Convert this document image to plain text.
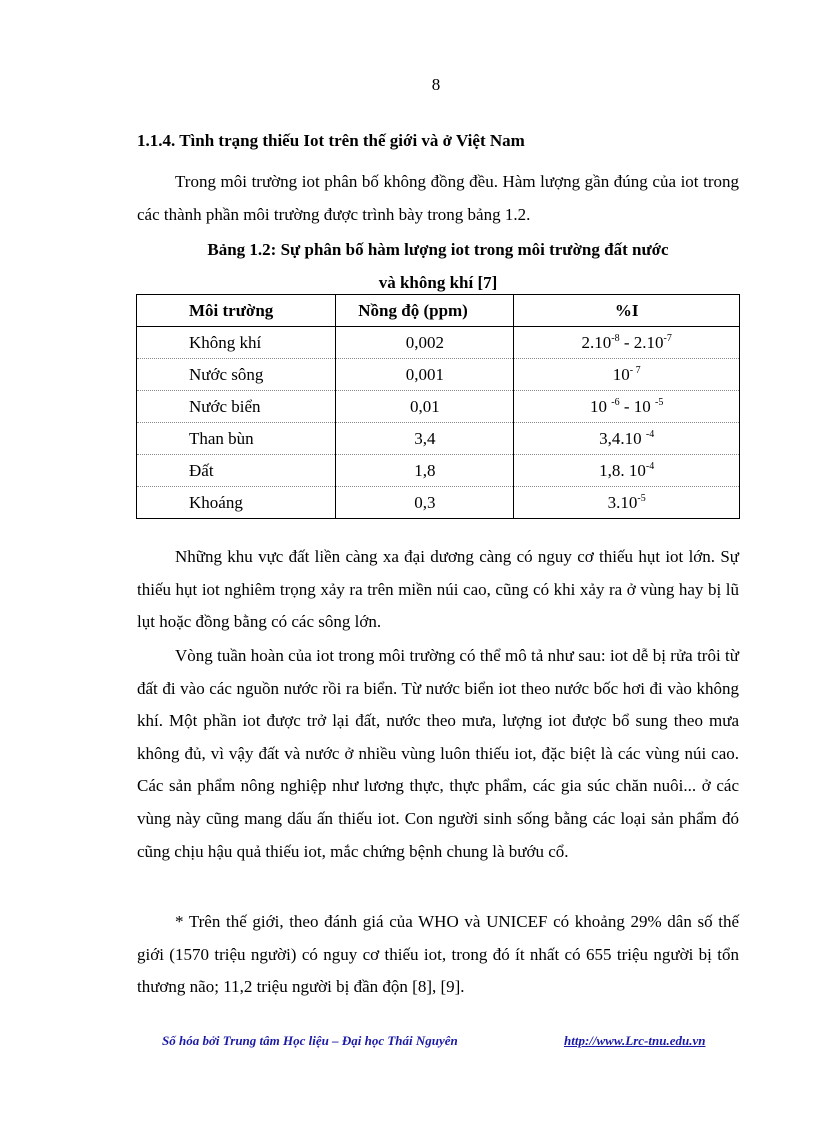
8
1.1.4. Tình trạng thiếu Iot trên thế giới và ở Việt Nam

Trong môi trường iot phân bố không đồng đều. Hàm lượng gần đúng của iot trong các thành phần môi trường được trình bày trong bảng 1.2.

Bảng 1.2: Sự phân bố hàm lượng iot trong môi trường đất nước
và không khí [7]
Môi trường	Nồng độ (ppm)	%I
Không khí	0,002	$2.10^{-8} - 2.10^{-7}$
Nước sông	0,001	$10^{- 7}$
Nước biển	0,01	10 $^{-6}$ - 10 $^{-5}$
Than bùn	3,4	3,4.10 $^{-4}$
Đất	1,8	1,8. $10^{-4}$
Khoáng	0,3	$3.10^{-5}$

Những khu vực đất liền càng xa đại dương càng có nguy cơ thiếu hụt iot lớn. Sự thiếu hụt iot nghiêm trọng xảy ra trên miền núi cao, cũng có khi xảy ra ở vùng hay bị lũ lụt hoặc đồng bằng có các sông lớn.

Vòng tuần hoàn của iot trong môi trường có thể mô tả như sau: iot dễ bị rửa trôi từ đất đi vào các nguồn nước rồi ra biển. Từ nước biển iot theo nước bốc hơi đi vào không khí. Một phần iot được trở lại đất, nước theo mưa, lượng iot được bổ sung theo mưa không đủ, vì vậy đất và nước ở nhiều vùng luôn thiếu iot, đặc biệt là các vùng núi cao. Các sản phẩm nông nghiệp như lương thực, thực phẩm, các gia súc chăn nuôi... ở các vùng này cũng mang dấu ấn thiếu iot. Con người sinh sống bằng các loại sản phẩm đó cũng chịu hậu quả thiếu iot, mắc chứng bệnh chung là bướu cổ.

* Trên thế giới, theo đánh giá của WHO và UNICEF có khoảng 29% dân số thế giới (1570 triệu người) có nguy cơ thiếu iot, trong đó ít nhất có 655 triệu người bị tổn thương não; 11,2 triệu người bị đần độn [8], [9].

Số hóa bởi Trung tâm Học liệu – Đại học Thái Nguyên	http://www.Lrc-tnu.edu.vn
